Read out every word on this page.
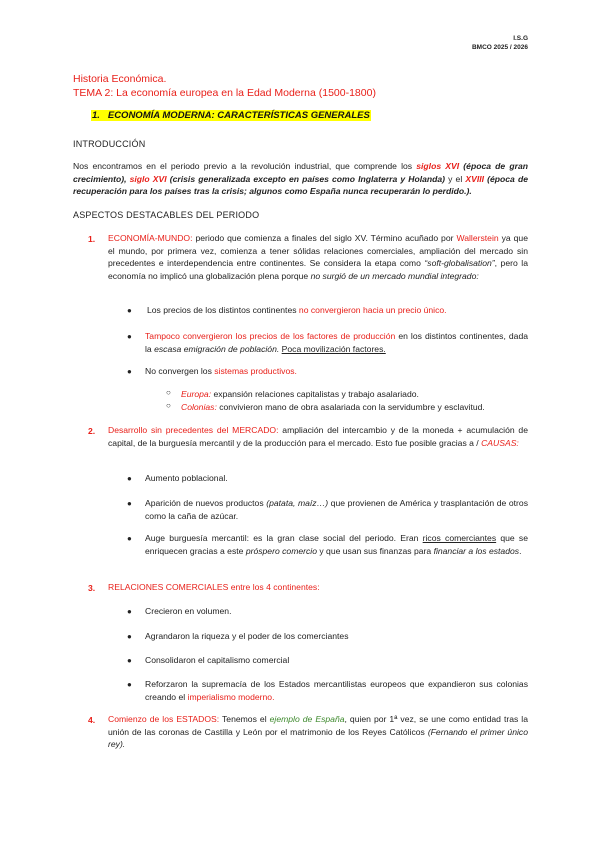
I.S.G
BMCO 2025 / 2026
Historia Económica.
TEMA 2: La economía europea en la Edad Moderna (1500-1800)
1. ECONOMÍA MODERNA: CARACTERÍSTICAS GENERALES
INTRODUCCIÓN
Nos encontramos en el periodo previo a la revolución industrial, que comprende los siglos XVI (época de gran crecimiento), siglo XVI (crisis generalizada excepto en países como Inglaterra y Holanda) y el XVIII (época de recuperación para los países tras la crisis; algunos como España nunca recuperarán lo perdido.).
ASPECTOS DESTACABLES DEL PERIODO
1. ECONOMÍA-MUNDO: periodo que comienza a finales del siglo XV. Término acuñado por Wallerstein ya que el mundo, por primera vez, comienza a tener sólidas relaciones comerciales, ampliación del mercado sin precedentes e interdependencia entre continentes. Se considera la etapa como “soft-globalisation”, pero la economía no implicó una globalización plena porque no surgió de un mercado mundial integrado:
● Los precios de los distintos continentes no convergieron hacia un precio único.
● Tampoco convergieron los precios de los factores de producción en los distintos continentes, dada la escasa emigración de población. Poca movilización factores.
● No convergen los sistemas productivos.
○ Europa: expansión relaciones capitalistas y trabajo asalariado.
○ Colonias: convivieron mano de obra asalariada con la servidumbre y esclavitud.
2. Desarrollo sin precedentes del MERCADO: ampliación del intercambio y de la moneda + acumulación de capital, de la burguesía mercantil y de la producción para el mercado. Esto fue posible gracias a / CAUSAS:
● Aumento poblacional.
● Aparición de nuevos productos (patata, maíz…) que provienen de América y trasplantación de otros como la caña de azúcar.
● Auge burguesía mercantil: es la gran clase social del periodo. Eran ricos comerciantes que se enriquecen gracias a este próspero comercio y que usan sus finanzas para financiar a los estados.
3. RELACIONES COMERCIALES entre los 4 continentes:
● Crecieron en volumen.
● Agrandaron la riqueza y el poder de los comerciantes
● Consolidaron el capitalismo comercial
● Reforzaron la supremacía de los Estados mercantilistas europeos que expandieron sus colonias creando el imperialismo moderno.
4. Comienzo de los ESTADOS: Tenemos el ejemplo de España, quien por 1ª vez, se une como entidad tras la unión de las coronas de Castilla y León por el matrimonio de los Reyes Católicos (Fernando el primer único rey).
